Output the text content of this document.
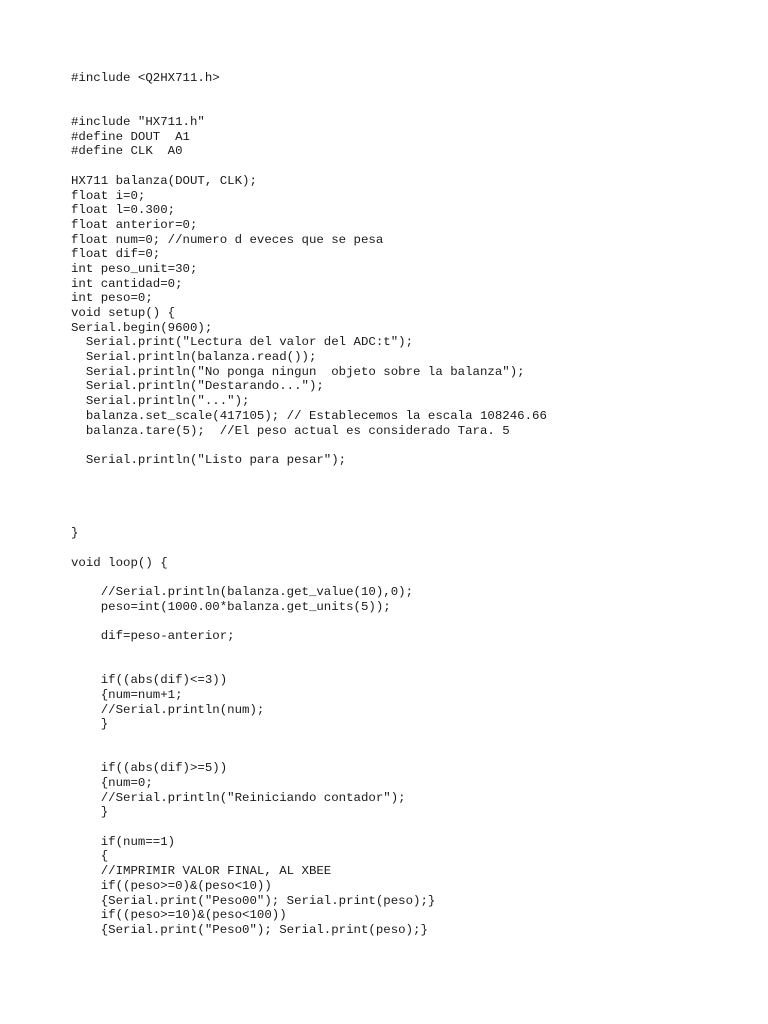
#include <Q2HX711.h>
#include "HX711.h"
#define DOUT  A1
#define CLK  A0
HX711 balanza(DOUT, CLK);
float i=0;
float l=0.300;
float anterior=0;
float num=0; //numero d eveces que se pesa
float dif=0;
int peso_unit=30;
int cantidad=0;
int peso=0;
void setup() {
Serial.begin(9600);
Serial.print("Lectura del valor del ADC:t");
Serial.println(balanza.read());
Serial.println("No ponga ningun  objeto sobre la balanza");
Serial.println("Destarando...");
Serial.println("...");
balanza.set_scale(417105); // Establecemos la escala 108246.66
balanza.tare(5);  //El peso actual es considerado Tara. 5
Serial.println("Listo para pesar");
}
void loop() {
//Serial.println(balanza.get_value(10),0);
peso=int(1000.00*balanza.get_units(5));
dif=peso-anterior;
if((abs(dif)<=3))
{num=num+1;
//Serial.println(num);
}
if((abs(dif)>=5))
{num=0;
//Serial.println("Reiniciando contador");
}
if(num==1)
{
//IMPRIMIR VALOR FINAL, AL XBEE
if((peso>=0)&(peso<10))
{Serial.print("Peso00"); Serial.print(peso);}
if((peso>=10)&(peso<100))
{Serial.print("Peso0"); Serial.print(peso);}
